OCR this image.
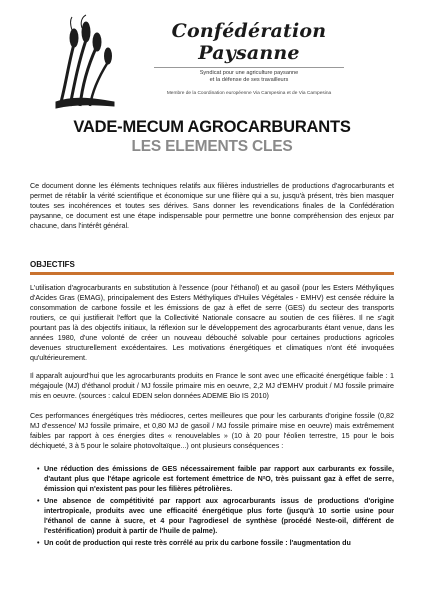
Confédération Paysanne
Syndicat pour une agriculture paysanne
et la défense de ses travailleurs
Membre de la Coordination européenne Via Campesina et de Via Campesina
VADE-MECUM AGROCARBURANTS
LES ELEMENTS CLES
Ce document donne les éléments techniques relatifs aux filières industrielles de productions d'agrocarburants et permet de rétablir la vérité scientifique et économique sur une filière qui a su, jusqu'à présent, très bien masquer toutes ses incohérences et toutes ses dérives. Sans donner les revendications finales de la Confédération paysanne, ce document est une étape indispensable pour permettre une bonne compréhension des enjeux par chacune, dans l'intérêt général.
OBJECTIFS
L'utilisation d'agrocarburants en substitution à l'essence (pour l'éthanol) et au gasoil (pour les Esters Méthyliques d'Acides Gras (EMAG), principalement des Esters Méthyliques d'Huiles Végétales - EMHV) est censée réduire la consommation de carbone fossile et les émissions de gaz à effet de serre (GES) du secteur des transports routiers, ce qui justifierait l'effort que la Collectivité Nationale consacre au soutien de ces filières. Il ne s'agit pourtant pas là des objectifs initiaux, la réflexion sur le développement des agrocarburants étant venue, dans les années 1980, d'une volonté de créer un nouveau débouché solvable pour certaines productions agricoles devenues structurellement excédentaires. Les motivations énergétiques et climatiques n'ont été invoquées qu'ultérieurement.
Il apparaît aujourd'hui que les agrocarburants produits en France le sont avec une efficacité énergétique faible : 1 mégajoule (MJ) d'éthanol produit / MJ fossile primaire mis en oeuvre, 2,2 MJ d'EMHV produit / MJ fossile primaire mis en oeuvre. (sources : calcul EDEN selon données ADEME Bio IS 2010)
Ces performances énergétiques très médiocres, certes meilleures que pour les carburants d'origine fossile (0,82 MJ d'essence/ MJ fossile primaire, et 0,80 MJ de gasoil / MJ fossile primaire mise en oeuvre) mais extrêmement faibles par rapport à ces énergies dites « renouvelables » (10 à 20 pour l'éolien terrestre, 15 pour le bois déchiqueté, 3 à 5 pour le solaire photovoltaïque...) ont plusieurs conséquences :
• Une réduction des émissions de GES nécessairement faible par rapport aux carburants ex fossile, d'autant plus que l'étape agricole est fortement émettrice de N²O, très puissant gaz à effet de serre, émission qui n'existent pas pour les filières pétrolières.
• Une absence de compétitivité par rapport aux agrocarburants issus de productions d'origine intertropicale, produits avec une efficacité énergétique plus forte (jusqu'à 10 sortie usine pour l'éthanol de canne à sucre, et 4 pour l'agrodiesel de synthèse (procédé Neste-oil, différent de l'estérification) produit à partir de l'huile de palme).
• Un coût de production qui reste très corrélé au prix du carbone fossile : l'augmentation du
